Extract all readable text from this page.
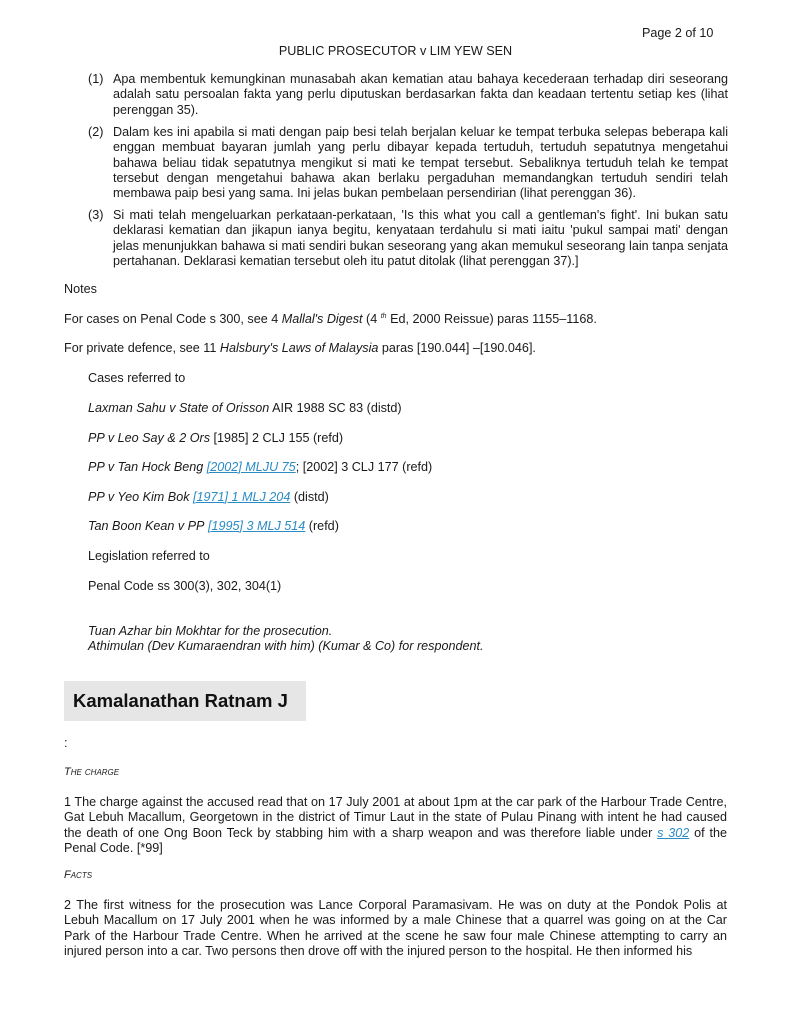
Page 2 of 10
PUBLIC PROSECUTOR v LIM YEW SEN
(1) Apa membentuk kemungkinan munasabah akan kematian atau bahaya kecederaan terhadap diri seseorang adalah satu persoalan fakta yang perlu diputuskan berdasarkan fakta dan keadaan tertentu setiap kes (lihat perenggan 35).
(2) Dalam kes ini apabila si mati dengan paip besi telah berjalan keluar ke tempat terbuka selepas beberapa kali enggan membuat bayaran jumlah yang perlu dibayar kepada tertuduh, tertuduh sepatutnya mengetahui bahawa beliau tidak sepatutnya mengikut si mati ke tempat tersebut. Sebaliknya tertuduh telah ke tempat tersebut dengan mengetahui bahawa akan berlaku pergaduhan memandangkan tertuduh sendiri telah membawa paip besi yang sama. Ini jelas bukan pembelaan persendirian (lihat perenggan 36).
(3) Si mati telah mengeluarkan perkataan-perkataan, 'Is this what you call a gentleman's fight'. Ini bukan satu deklarasi kematian dan jikapun ianya begitu, kenyataan terdahulu si mati iaitu 'pukul sampai mati' dengan jelas menunjukkan bahawa si mati sendiri bukan seseorang yang akan memukul seseorang lain tanpa senjata pertahanan. Deklarasi kematian tersebut oleh itu patut ditolak (lihat perenggan 37).]
Notes
For cases on Penal Code s 300, see 4 Mallal's Digest (4 $^{th}$ Ed, 2000 Reissue) paras 1155–1168.
For private defence, see 11 Halsbury's Laws of Malaysia paras [190.044] –[190.046].
Cases referred to
Laxman Sahu v State of Orisson AIR 1988 SC 83 (distd)
PP v Leo Say & 2 Ors [1985] 2 CLJ 155 (refd)
PP v Tan Hock Beng [2002] MLJU 75; [2002] 3 CLJ 177 (refd)
PP v Yeo Kim Bok [1971] 1 MLJ 204 (distd)
Tan Boon Kean v PP [1995] 3 MLJ 514 (refd)
Legislation referred to
Penal Code ss 300(3), 302, 304(1)
Tuan Azhar bin Mokhtar for the prosecution.
Athimulan (Dev Kumaraendran with him) (Kumar & Co) for respondent.
Kamalanathan Ratnam J
:
The charge
1 The charge against the accused read that on 17 July 2001 at about 1pm at the car park of the Harbour Trade Centre, Gat Lebuh Macallum, Georgetown in the district of Timur Laut in the state of Pulau Pinang with intent he had caused the death of one Ong Boon Teck by stabbing him with a sharp weapon and was therefore liable under s 302 of the Penal Code. [*99]
Facts
2 The first witness for the prosecution was Lance Corporal Paramasivam. He was on duty at the Pondok Polis at Lebuh Macallum on 17 July 2001 when he was informed by a male Chinese that a quarrel was going on at the Car Park of the Harbour Trade Centre. When he arrived at the scene he saw four male Chinese attempting to carry an injured person into a car. Two persons then drove off with the injured person to the hospital. He then informed his
